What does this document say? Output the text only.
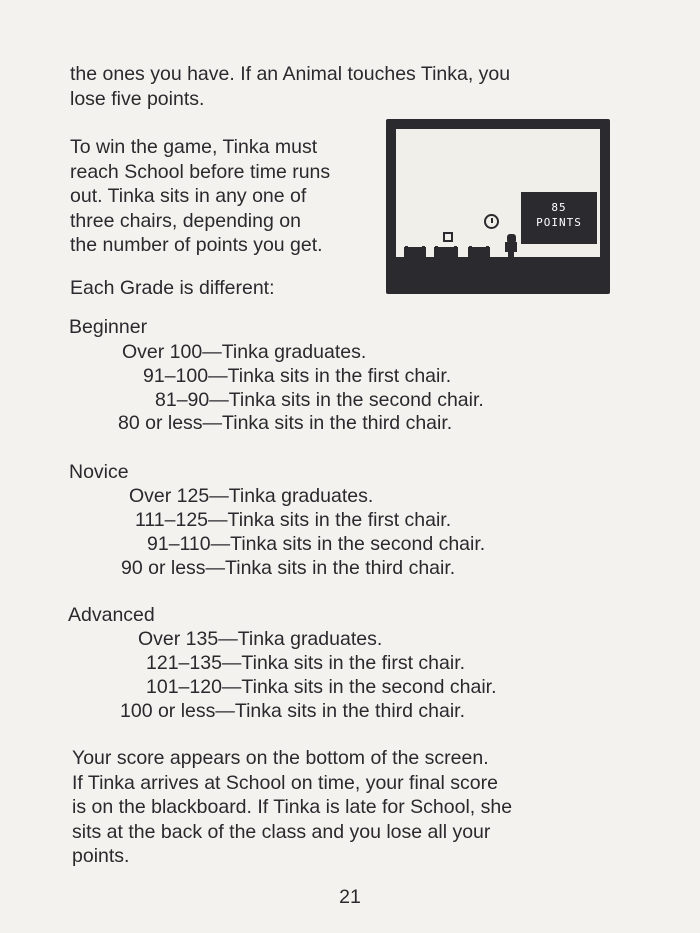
the ones you have. If an Animal touches Tinka, you
lose five points.

To win the game, Tinka must
reach School before time runs
out. Tinka sits in any one of
three chairs, depending on
the number of points you get.

85
POINTS
Each Grade is different:
Beginner
Over 100—Tinka graduates.
91–100—Tinka sits in the first chair.
81–90—Tinka sits in the second chair.
80 or less—Tinka sits in the third chair.
Novice
Over 125—Tinka graduates.
111–125—Tinka sits in the first chair.
91–110—Tinka sits in the second chair.
90 or less—Tinka sits in the third chair.
Advanced
Over 135—Tinka graduates.
121–135—Tinka sits in the first chair.
101–120—Tinka sits in the second chair.
100 or less—Tinka sits in the third chair.

Your score appears on the bottom of the screen.
If Tinka arrives at School on time, your final score
is on the blackboard. If Tinka is late for School, she
sits at the back of the class and you lose all your
points.

21
